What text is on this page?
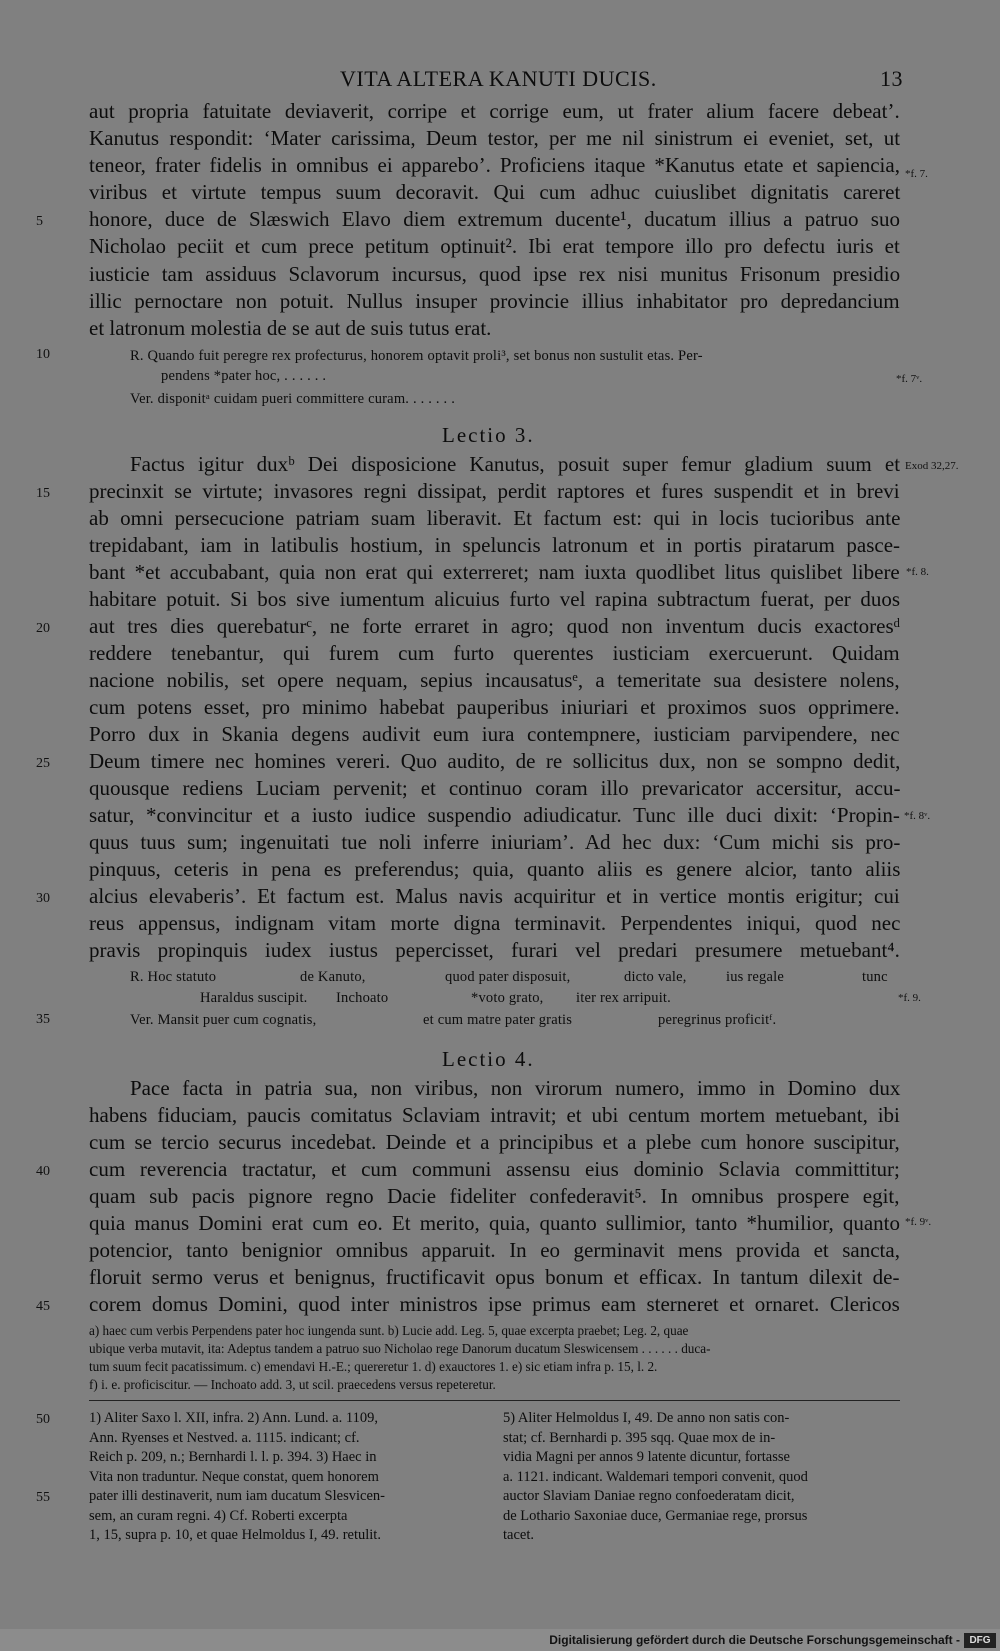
VITA ALTERA KANUTI DUCIS.	13
aut propria fatuitate deviaverit, corripe et corrige eum, ut frater alium facere debeat’.
Kanutus respondit: ‘Mater carissima, Deum testor, per me nil sinistrum ei eveniet, set, ut
teneor, frater fidelis in omnibus ei apparebo’. Proficiens itaque *Kanutus etate et sapiencia,
viribus et virtute tempus suum decoravit. Qui cum adhuc cuiuslibet dignitatis careret
honore, duce de Slæswich Elavo diem extremum ducente¹, ducatum illius a patruo suo
Nicholao peciit et cum prece petitum optinuit². Ibi erat tempore illo pro defectu iuris et
iusticie tam assiduus Sclavorum incursus, quod ipse rex nisi munitus Frisonum presidio
illic pernoctare non potuit. Nullus insuper provincie illius inhabitator pro depredancium
et latronum molestia de se aut de suis tutus erat.
R. Quando fuit peregre rex profecturus, honorem optavit proli³, set bonus non sustulit etas. Per-
pendens *pater hoc, . . . . . .
Ver. disponitᵃ cuidam pueri committere curam. . . . . . .
Lectio 3.
Factus igitur duxᵇ Dei disposicione Kanutus, posuit super femur gladium suum et
precinxit se virtute; invasores regni dissipat, perdit raptores et fures suspendit et in brevi
ab omni persecucione patriam suam liberavit. Et factum est: qui in locis tucioribus ante
trepidabant, iam in latibulis hostium, in speluncis latronum et in portis piratarum pasce-
bant *et accubabant, quia non erat qui exterreret; nam iuxta quodlibet litus quislibet libere
habitare potuit. Si bos sive iumentum alicuius furto vel rapina subtractum fuerat, per duos
aut tres dies querebaturᶜ, ne forte erraret in agro; quod non inventum ducis exactoresᵈ
reddere tenebantur, qui furem cum furto querentes iusticiam exercuerunt. Quidam
nacione nobilis, set opere nequam, sepius incausatusᵉ, a temeritate sua desistere nolens,
cum potens esset, pro minimo habebat pauperibus iniuriari et proximos suos opprimere.
Porro dux in Skania degens audivit eum iura contempnere, iusticiam parvipendere, nec
Deum timere nec homines vereri. Quo audito, de re sollicitus dux, non se sompno dedit,
quousque rediens Luciam pervenit; et continuo coram illo prevaricator accersitur, accu-
satur, *convincitur et a iusto iudice suspendio adiudicatur. Tunc ille duci dixit: ‘Propin-
quus tuus sum; ingenuitati tue noli inferre iniuriam’. Ad hec dux: ‘Cum michi sis pro-
pinquus, ceteris in pena es preferendus; quia, quanto aliis es genere alcior, tanto aliis
alcius elevaberis’. Et factum est. Malus navis acquiritur et in vertice montis erigitur; cui
reus appensus, indignam vitam morte digna terminavit. Perpendentes iniqui, quod nec
pravis propinquis iudex iustus pepercisset, furari vel predari presumere metuebant⁴.
R. Hoc statuto	de Kanuto,	quod pater disposuit,	dicto vale,	ius regale	tunc
Haraldus suscipit. Inchoato	*voto grato, iter rex arripuit.
Ver. Mansit puer cum cognatis,	et cum matre pater gratis	peregrinus proficitᶠ.
Lectio 4.
Pace facta in patria sua, non viribus, non virorum numero, immo in Domino dux
habens fiduciam, paucis comitatus Sclaviam intravit; et ubi centum mortem metuebant, ibi
cum se tercio securus incedebat. Deinde et a principibus et a plebe cum honore suscipitur,
cum reverencia tractatur, et cum communi assensu eius dominio Sclavia committitur;
quam sub pacis pignore regno Dacie fideliter confederavit⁵. In omnibus prospere egit,
quia manus Domini erat cum eo. Et merito, quia, quanto sullimior, tanto *humilior, quanto
potencior, tanto benignior omnibus apparuit. In eo germinavit mens provida et sancta,
floruit sermo verus et benignus, fructificavit opus bonum et efficax. In tantum dilexit de-
corem domus Domini, quod inter ministros ipse primus eam sterneret et ornaret. Clericos
5
10
15
20
25
30
35
40
45
50
55
*f. 7.
*f. 7ᵛ.
Exod 32,27.
*f. 8.
*f. 8ᵛ.
*f. 9.
*f. 9ᵛ.
a) haec cum verbis Perpendens pater hoc iungenda sunt. b) Lucie add. Leg. 5, quae excerpta praebet; Leg. 2, quae
ubique verba mutavit, ita: Adeptus tandem a patruo suo Nicholao rege Danorum ducatum Sleswicensem . . . . . . duca-
tum suum fecit pacatissimum. c) emendavi H.-E.; quereretur 1. d) exauctores 1. e) sic etiam infra p. 15, l. 2.
f) i. e. proficiscitur. — Inchoato add. 3, ut scil. praecedens versus repeteretur.
1) Aliter Saxo l. XII, infra. 2) Ann. Lund. a. 1109,
Ann. Ryenses et Nestved. a. 1115. indicant; cf.
Reich p. 209, n.; Bernhardi l. l. p. 394. 3) Haec in
Vita non traduntur. Neque constat, quem honorem
pater illi destinaverit, num iam ducatum Slesvicen-
sem, an curam regni. 4) Cf. Roberti excerpta
1, 15, supra p. 10, et quae Helmoldus I, 49. retulit.
5) Aliter Helmoldus I, 49. De anno non satis con-
stat; cf. Bernhardi p. 395 sqq. Quae mox de in-
vidia Magni per annos 9 latente dicuntur, fortasse
a. 1121. indicant. Waldemari tempori convenit, quod
auctor Slaviam Daniae regno confoederatam dicit,
de Lothario Saxoniae duce, Germaniae rege, prorsus
tacet.
Digitalisierung gefördert durch die Deutsche Forschungsgemeinschaft - DFG
